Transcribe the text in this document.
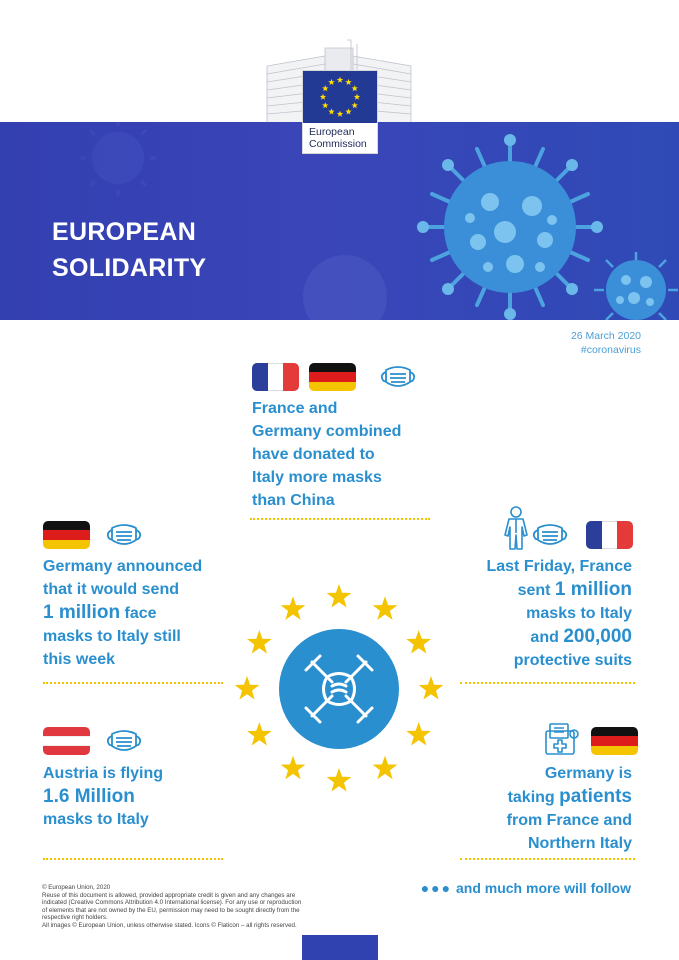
EUROPEAN
SOLIDARITY
European
Commission
26 March 2020
#coronavirus
France and
Germany combined
have donated to
Italy more masks
than China
Germany announced
that it would send
1 million face
masks to Italy still
this week
Last Friday, France
sent 1 million
masks to Italy
and 200,000
protective suits
Austria is flying
1.6 Million
masks to Italy
Germany is
taking patients
from France and
Northern Italy
© European Union, 2020
Reuse of this document is allowed, provided appropriate credit is given and any changes are indicated (Creative Commons Attribution 4.0 International license). For any use or reproduction of elements that are not owned by the EU, permission may need to be sought directly from the respective right holders.
All images © European Union, unless otherwise stated. Icons © Flaticon – all rights reserved.
●●● and much more will follow
